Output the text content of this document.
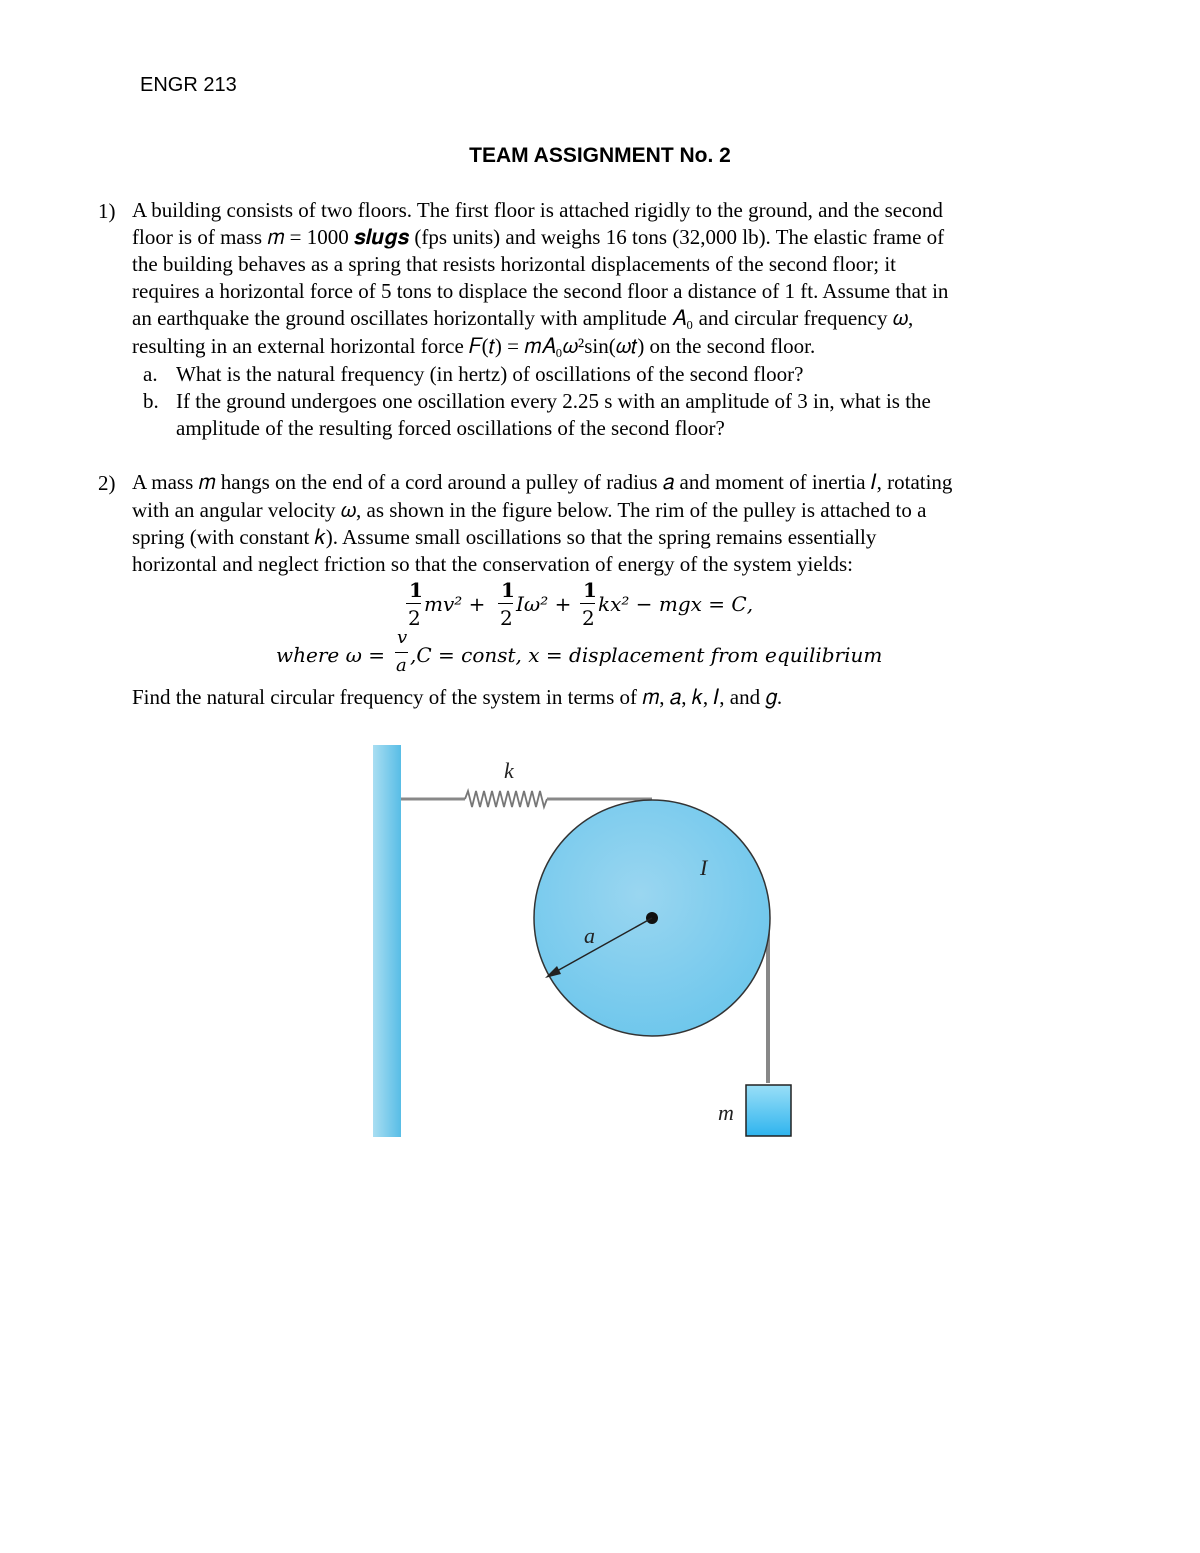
ENGR 213
TEAM ASSIGNMENT No. 2
1) A building consists of two floors. The first floor is attached rigidly to the ground, and the second
floor is of mass 𝑚 = 1000 𝒔𝒍𝒖𝒈𝒔 (fps units) and weighs 16 tons (32,000 lb). The elastic frame of
the building behaves as a spring that resists horizontal displacements of the second floor; it
requires a horizontal force of 5 tons to displace the second floor a distance of 1 ft. Assume that in
an earthquake the ground oscillates horizontally with amplitude 𝐴₀ and circular frequency 𝜔,
resulting in an external horizontal force 𝐹(𝑡) = 𝑚𝐴₀𝜔²sin(𝜔𝑡) on the second floor.
a. What is the natural frequency (in hertz) of oscillations of the second floor?
b. If the ground undergoes one oscillation every 2.25 s with an amplitude of 3 in, what is the
amplitude of the resulting forced oscillations of the second floor?
2) A mass 𝑚 hangs on the end of a cord around a pulley of radius 𝑎 and moment of inertia 𝐼, rotating
with an angular velocity 𝜔, as shown in the figure below. The rim of the pulley is attached to a
spring (with constant 𝑘). Assume small oscillations so that the spring remains essentially
horizontal and neglect friction so that the conservation of energy of the system yields:
1
2
𝑚𝑣² +
1
2
𝐼𝜔² +
1
2
𝑘𝑥² − 𝑚𝑔𝑥 = 𝐶,
𝑤ℎ𝑒𝑟𝑒 𝜔 =
𝑣
𝑎 ,𝐶 = 𝑐𝑜𝑛𝑠𝑡, 𝑥 = 𝑑𝑖𝑠𝑝𝑙𝑎𝑐𝑒𝑚𝑒𝑛𝑡 𝑓𝑟𝑜𝑚 𝑒𝑞𝑢𝑖𝑙𝑖𝑏𝑟𝑖𝑢𝑚
Find the natural circular frequency of the system in terms of 𝑚, 𝑎, 𝑘, 𝐼, and 𝑔.
k
I
a
m
